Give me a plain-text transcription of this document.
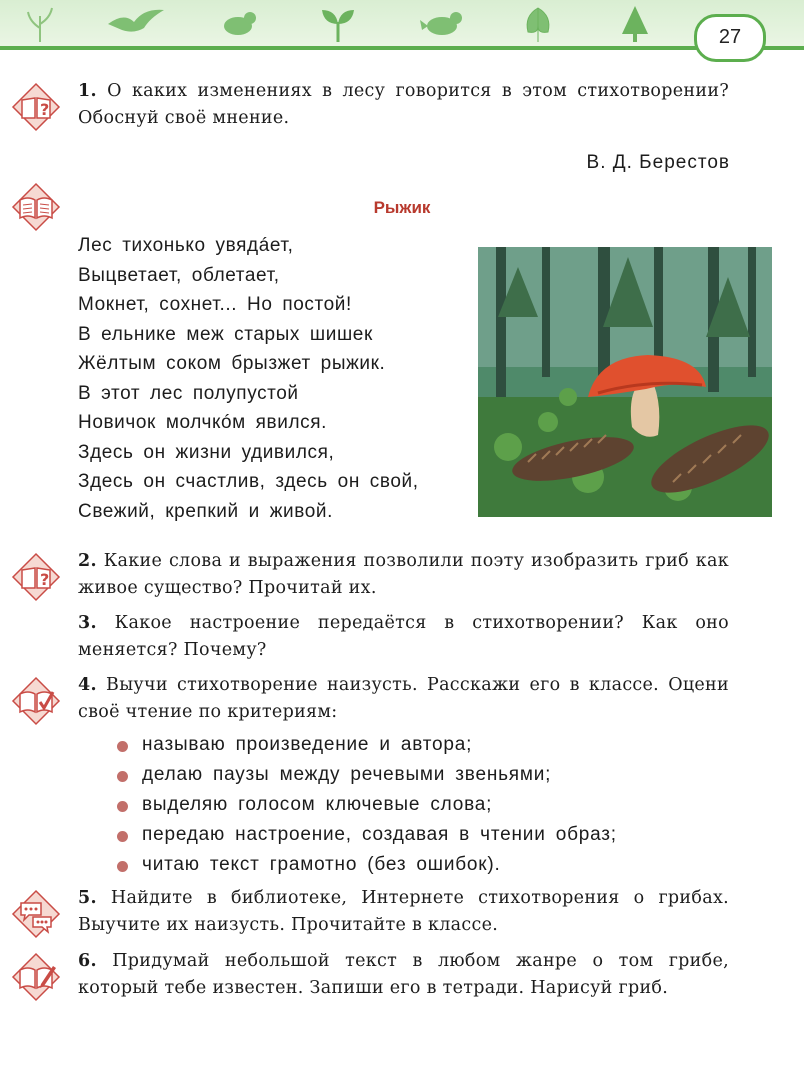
27
?
1. О каких изменениях в лесу говорится в этом стихотворении? Обоснуй своё мнение.
В. Д. Берестов
Рыжик
Лес тихонько увядáет,
Выцветает, облетает,
Мокнет, сохнет... Но постой!
В ельнике меж старых шишек
Жёлтым соком брызжет рыжик.
В этот лес полупустой
Новичок молчкóм явился.
Здесь он жизни удивился,
Здесь он счастлив, здесь он свой,
Свежий, крепкий и живой.
?
2. Какие слова и выражения позволили поэту изобразить гриб как живое существо? Прочитай их.
3. Какое настроение передаётся в стихотворении? Как оно меняется? Почему?
4. Выучи стихотворение наизусть. Расскажи его в классе. Оцени своё чтение по критериям:
называю произведение и автора;
делаю паузы между речевыми звеньями;
выделяю голосом ключевые слова;
передаю настроение, создавая в чтении образ;
читаю текст грамотно (без ошибок).
5. Найдите в библиотеке, Интернете стихотворения о грибах. Выучите их наизусть. Прочитайте в классе.
6. Придумай небольшой текст в любом жанре о том грибе, который тебе известен. Запиши его в тетради. Нарисуй гриб.
